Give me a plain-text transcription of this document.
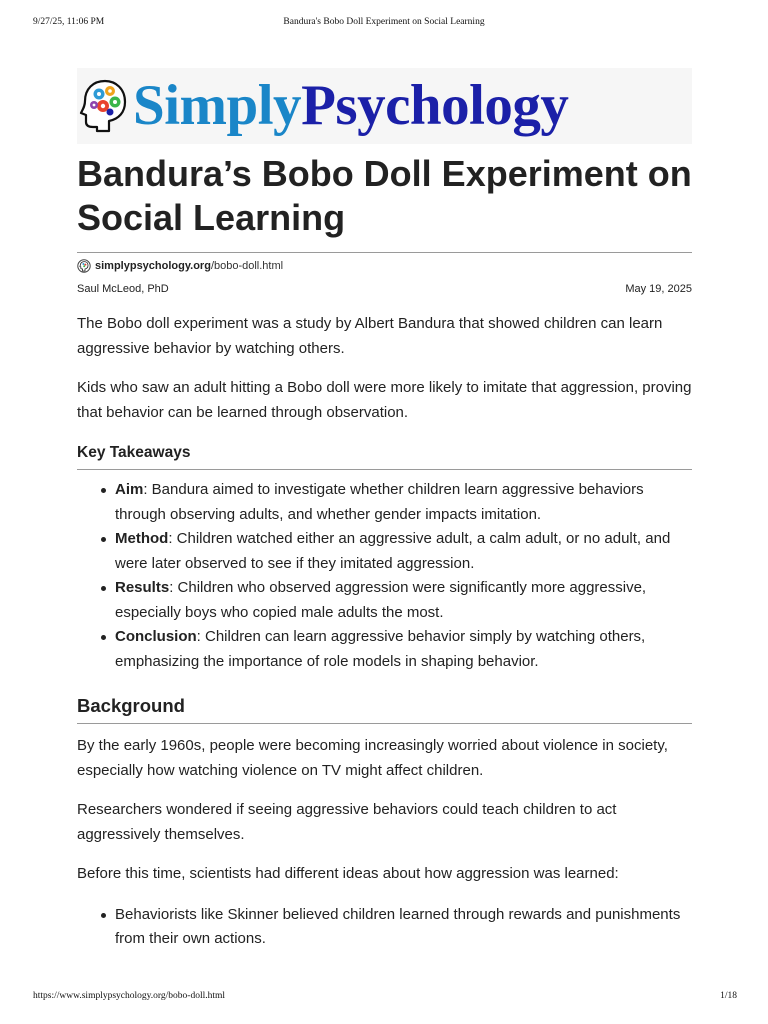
9/27/25, 11:06 PM	Bandura's Bobo Doll Experiment on Social Learning
SimplyPsychology
Bandura’s Bobo Doll Experiment on Social Learning
simplypsychology.org /bobo-doll.html
Saul McLeod, PhD	May 19, 2025

The Bobo doll experiment was a study by Albert Bandura that showed children can learn aggressive behavior by watching others.

Kids who saw an adult hitting a Bobo doll were more likely to imitate that aggression, proving that behavior can be learned through observation.

Key Takeaways
Aim: Bandura aimed to investigate whether children learn aggressive behaviors through observing adults, and whether gender impacts imitation.
Method: Children watched either an aggressive adult, a calm adult, or no adult, and were later observed to see if they imitated aggression.
Results: Children who observed aggression were significantly more aggressive, especially boys who copied male adults the most.
Conclusion: Children can learn aggressive behavior simply by watching others, emphasizing the importance of role models in shaping behavior.
Background

By the early 1960s, people were becoming increasingly worried about violence in society, especially how watching violence on TV might affect children.

Researchers wondered if seeing aggressive behaviors could teach children to act aggressively themselves.

Before this time, scientists had different ideas about how aggression was learned:

Behaviorists like Skinner believed children learned through rewards and punishments from their own actions.
https://www.simplypsychology.org/bobo-doll.html	1/18
